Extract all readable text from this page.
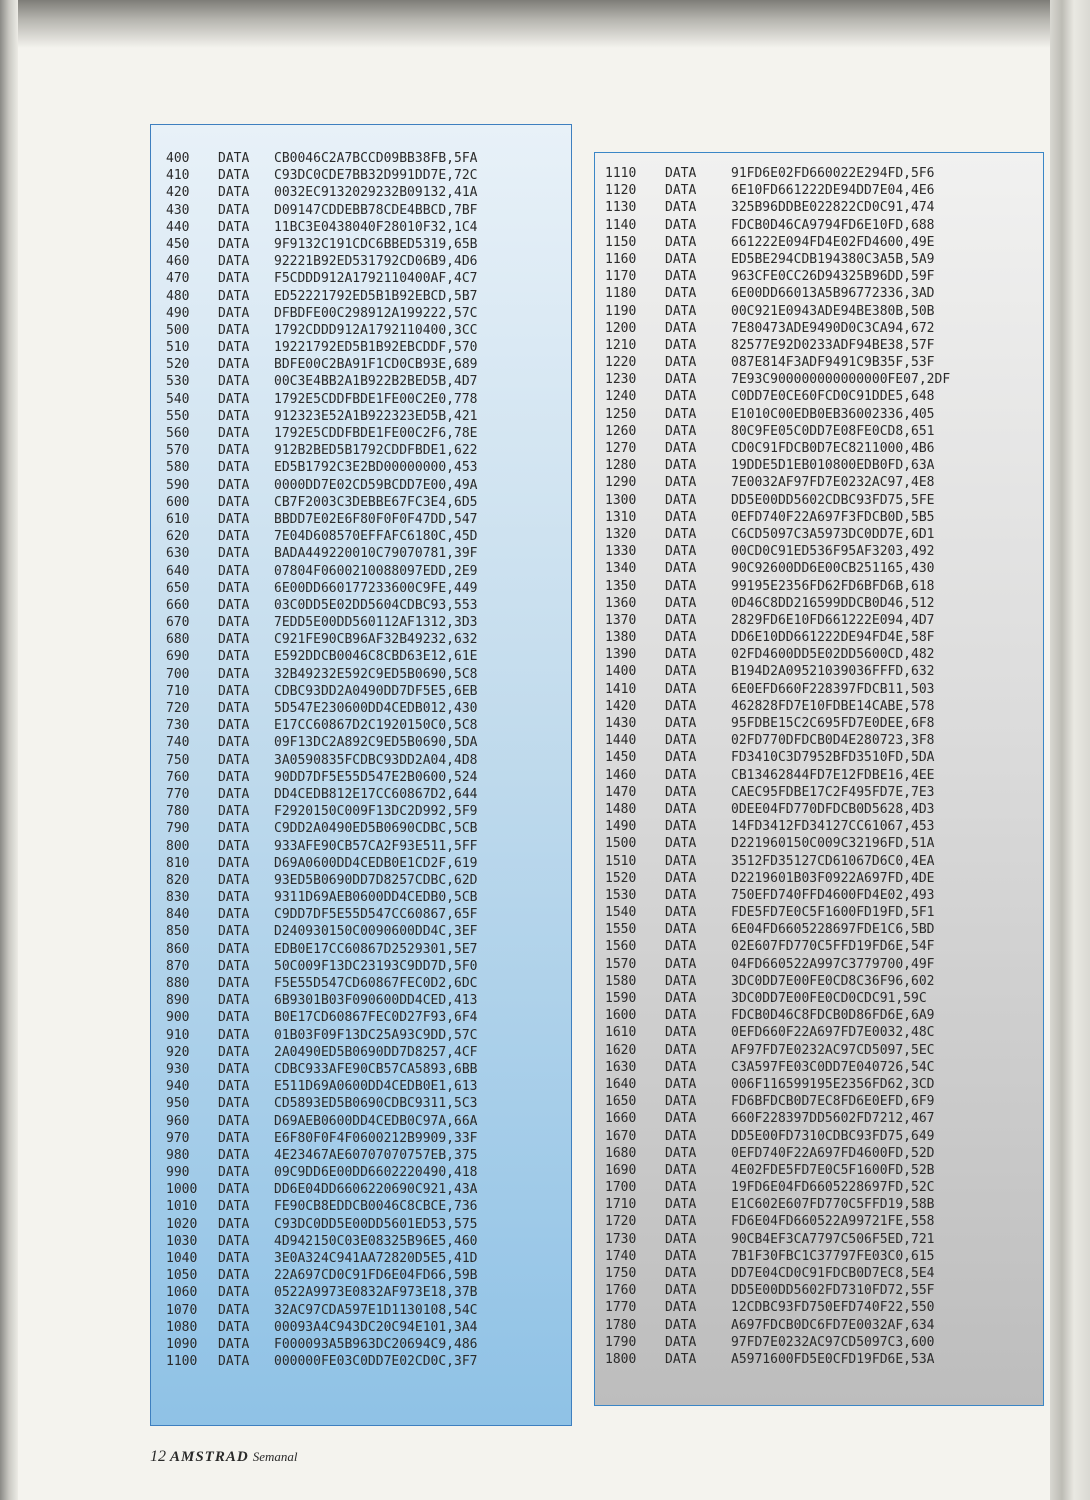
400 DATA CB0046C2A7BCCD09BB38FB,5FA
410 DATA C93DC0CDE7BB32D991DD7E,72C
420 DATA 0032EC9132029232B09132,41A
430 DATA D09147CDDEBB78CDE4BBCD,7BF
440 DATA 11BC3E0438040F28010F32,1C4
450 DATA 9F9132C191CDC6BBED5319,65B
460 DATA 92221B92ED531792CD06B9,4D6
470 DATA F5CDDD912A1792110400AF,4C7
480 DATA ED52221792ED5B1B92EBCD,5B7
490 DATA DFBDFE00C298912A199222,57C
500 DATA 1792CDDD912A1792110400,3CC
510 DATA 19221792ED5B1B92EBCDDF,570
520 DATA BDFE00C2BA91F1CD0CB93E,689
530 DATA 00C3E4BB2A1B922B2BED5B,4D7
540 DATA 1792E5CDDFBDE1FE00C2E0,778
550 DATA 912323E52A1B922323ED5B,421
560 DATA 1792E5CDDFBDE1FE00C2F6,78E
570 DATA 912B2BED5B1792CDDFBDE1,622
580 DATA ED5B1792C3E2BD00000000,453
590 DATA 0000DD7E02CD59BCDD7E00,49A
600 DATA CB7F2003C3DEBBE67FC3E4,6D5
610 DATA BBDD7E02E6F80F0F0F47DD,547
620 DATA 7E04D608570EFFAFC6180C,45D
630 DATA BADA449220010C79070781,39F
640 DATA 07804F0600210088097EDD,2E9
650 DATA 6E00DD660177233600C9FE,449
660 DATA 03C0DD5E02DD5604CDBC93,553
670 DATA 7EDD5E00DD560112AF1312,3D3
680 DATA C921FE90CB96AF32B49232,632
690 DATA E592DDCB0046C8CBD63E12,61E
700 DATA 32B49232E592C9ED5B0690,5C8
710 DATA CDBC93DD2A0490DD7DF5E5,6EB
720 DATA 5D547E230600DD4CEDB012,430
730 DATA E17CC60867D2C1920150C0,5C8
740 DATA 09F13DC2A892C9ED5B0690,5DA
750 DATA 3A0590835FCDBC93DD2A04,4D8
760 DATA 90DD7DF5E55D547E2B0600,524
770 DATA DD4CEDB812E17CC60867D2,644
780 DATA F2920150C009F13DC2D992,5F9
790 DATA C9DD2A0490ED5B0690CDBC,5CB
800 DATA 933AFE90CB57CA2F93E511,5FF
810 DATA D69A0600DD4CEDB0E1CD2F,619
820 DATA 93ED5B0690DD7D8257CDBC,62D
830 DATA 9311D69AEB0600DD4CEDB0,5CB
840 DATA C9DD7DF5E55D547CC60867,65F
850 DATA D240930150C0090600DD4C,3EF
860 DATA EDB0E17CC60867D2529301,5E7
870 DATA 50C009F13DC23193C9DD7D,5F0
880 DATA F5E55D547CD60867FEC0D2,6DC
890 DATA 6B9301B03F090600DD4CED,413
900 DATA B0E17CD60867FEC0D27F93,6F4
910 DATA 01B03F09F13DC25A93C9DD,57C
920 DATA 2A0490ED5B0690DD7D8257,4CF
930 DATA CDBC933AFE90CB57CA5893,6BB
940 DATA E511D69A0600DD4CEDB0E1,613
950 DATA CD5893ED5B0690CDBC9311,5C3
960 DATA D69AEB0600DD4CEDB0C97A,66A
970 DATA E6F80F0F4F0600212B9909,33F
980 DATA 4E23467AE60707070757EB,375
990 DATA 09C9DD6E00DD6602220490,418
1000 DATA DD6E04DD6606220690C921,43A
1010 DATA FE90CB8EDDCB0046C8CBCE,736
1020 DATA C93DC0DD5E00DD5601ED53,575
1030 DATA 4D942150C03E08325B96E5,460
1040 DATA 3E0A324C941AA72820D5E5,41D
1050 DATA 22A697CD0C91FD6E04FD66,59B
1060 DATA 0522A9973E0832AF973E18,37B
1070 DATA 32AC97CDA597E1D1130108,54C
1080 DATA 00093A4C943DC20C94E101,3A4
1090 DATA F000093A5B963DC20694C9,486
1100 DATA 000000FE03C0DD7E02CD0C,3F7
1110 DATA	91FD6E02FD660022E294FD,5F6
1120 DATA	6E10FD661222DE94DD7E04,4E6
1130 DATA	325B96DDBE022822CD0C91,474
1140 DATA	FDCB0D46CA9794FD6E10FD,688
1150 DATA	661222E094FD4E02FD4600,49E
1160 DATA	ED5BE294CDB194380C3A5B,5A9
1170 DATA	963CFE0CC26D94325B96DD,59F
1180 DATA	6E00DD66013A5B96772336,3AD
1190 DATA	00C921E0943ADE94BE380B,50B
1200 DATA	7E80473ADE9490D0C3CA94,672
1210 DATA	82577E92D0233ADF94BE38,57F
1220 DATA	087E814F3ADF9491C9B35F,53F
1230 DATA	7E93C900000000000000FE07,2DF
1240 DATA	C0DD7E0CE60FCD0C91DDE5,648
1250 DATA	E1010C00EDB0EB36002336,405
1260 DATA	80C9FE05C0DD7E08FE0CD8,651
1270 DATA	CD0C91FDCB0D7EC8211000,4B6
1280 DATA	19DDE5D1EB010800EDB0FD,63A
1290 DATA	7E0032AF97FD7E0232AC97,4E8
1300 DATA	DD5E00DD5602CDBC93FD75,5FE
1310 DATA	0EFD740F22A697F3FDCB0D,5B5
1320 DATA	C6CD5097C3A5973DC0DD7E,6D1
1330 DATA	00CD0C91ED536F95AF3203,492
1340 DATA	90C92600DD6E00CB251165,430
1350 DATA	99195E2356FD62FD6BFD6B,618
1360 DATA	0D46C8DD216599DDCB0D46,512
1370 DATA	2829FD6E10FD661222E094,4D7
1380 DATA	DD6E10DD661222DE94FD4E,58F
1390 DATA	02FD4600DD5E02DD5600CD,482
1400 DATA	B194D2A09521039036FFFD,632
1410 DATA	6E0EFD660F228397FDCB11,503
1420 DATA	462828FD7E10FDBE14CABE,578
1430 DATA	95FDBE15C2C695FD7E0DEE,6F8
1440 DATA	02FD770DFDCB0D4E280723,3F8
1450 DATA	FD3410C3D7952BFD3510FD,5DA
1460 DATA	CB13462844FD7E12FDBE16,4EE
1470 DATA	CAEC95FDBE17C2F495FD7E,7E3
1480 DATA	0DEE04FD770DFDCB0D5628,4D3
1490 DATA	14FD3412FD34127CC61067,453
1500 DATA	D221960150C009C32196FD,51A
1510 DATA	3512FD35127CD61067D6C0,4EA
1520 DATA	D2219601B03F0922A697FD,4DE
1530 DATA	750EFD740FFD4600FD4E02,493
1540 DATA	FDE5FD7E0C5F1600FD19FD,5F1
1550 DATA	6E04FD6605228697FDE1C6,5BD
1560 DATA	02E607FD770C5FFD19FD6E,54F
1570 DATA	04FD660522A997C3779700,49F
1580 DATA	3DC0DD7E00FE0CD8C36F96,602
1590 DATA	3DC0DD7E00FE0CD0CDC91,59C
1600 DATA	FDCB0D46C8FDCB0D86FD6E,6A9
1610 DATA	0EFD660F22A697FD7E0032,48C
1620 DATA	AF97FD7E0232AC97CD5097,5EC
1630 DATA	C3A597FE03C0DD7E040726,54C
1640 DATA	006F116599195E2356FD62,3CD
1650 DATA	FD6BFDCB0D7EC8FD6E0EFD,6F9
1660 DATA	660F228397DD5602FD7212,467
1670 DATA	DD5E00FD7310CDBC93FD75,649
1680 DATA	0EFD740F22A697FD4600FD,52D
1690 DATA	4E02FDE5FD7E0C5F1600FD,52B
1700 DATA	19FD6E04FD6605228697FD,52C
1710 DATA	E1C602E607FD770C5FFD19,58B
1720 DATA	FD6E04FD660522A99721FE,558
1730 DATA	90CB4EF3CA7797C506F5ED,721
1740 DATA	7B1F30FBC1C37797FE03C0,615
1750 DATA	DD7E04CD0C91FDCB0D7EC8,5E4
1760 DATA	DD5E00DD5602FD7310FD72,55F
1770 DATA	12CDBC93FD750EFD740F22,550
1780 DATA	A697FDCB0DC6FD7E0032AF,634
1790 DATA	97FD7E0232AC97CD5097C3,600
1800 DATA	A5971600FD5E0CFD19FD6E,53A
12 AMSTRAD Semanal
